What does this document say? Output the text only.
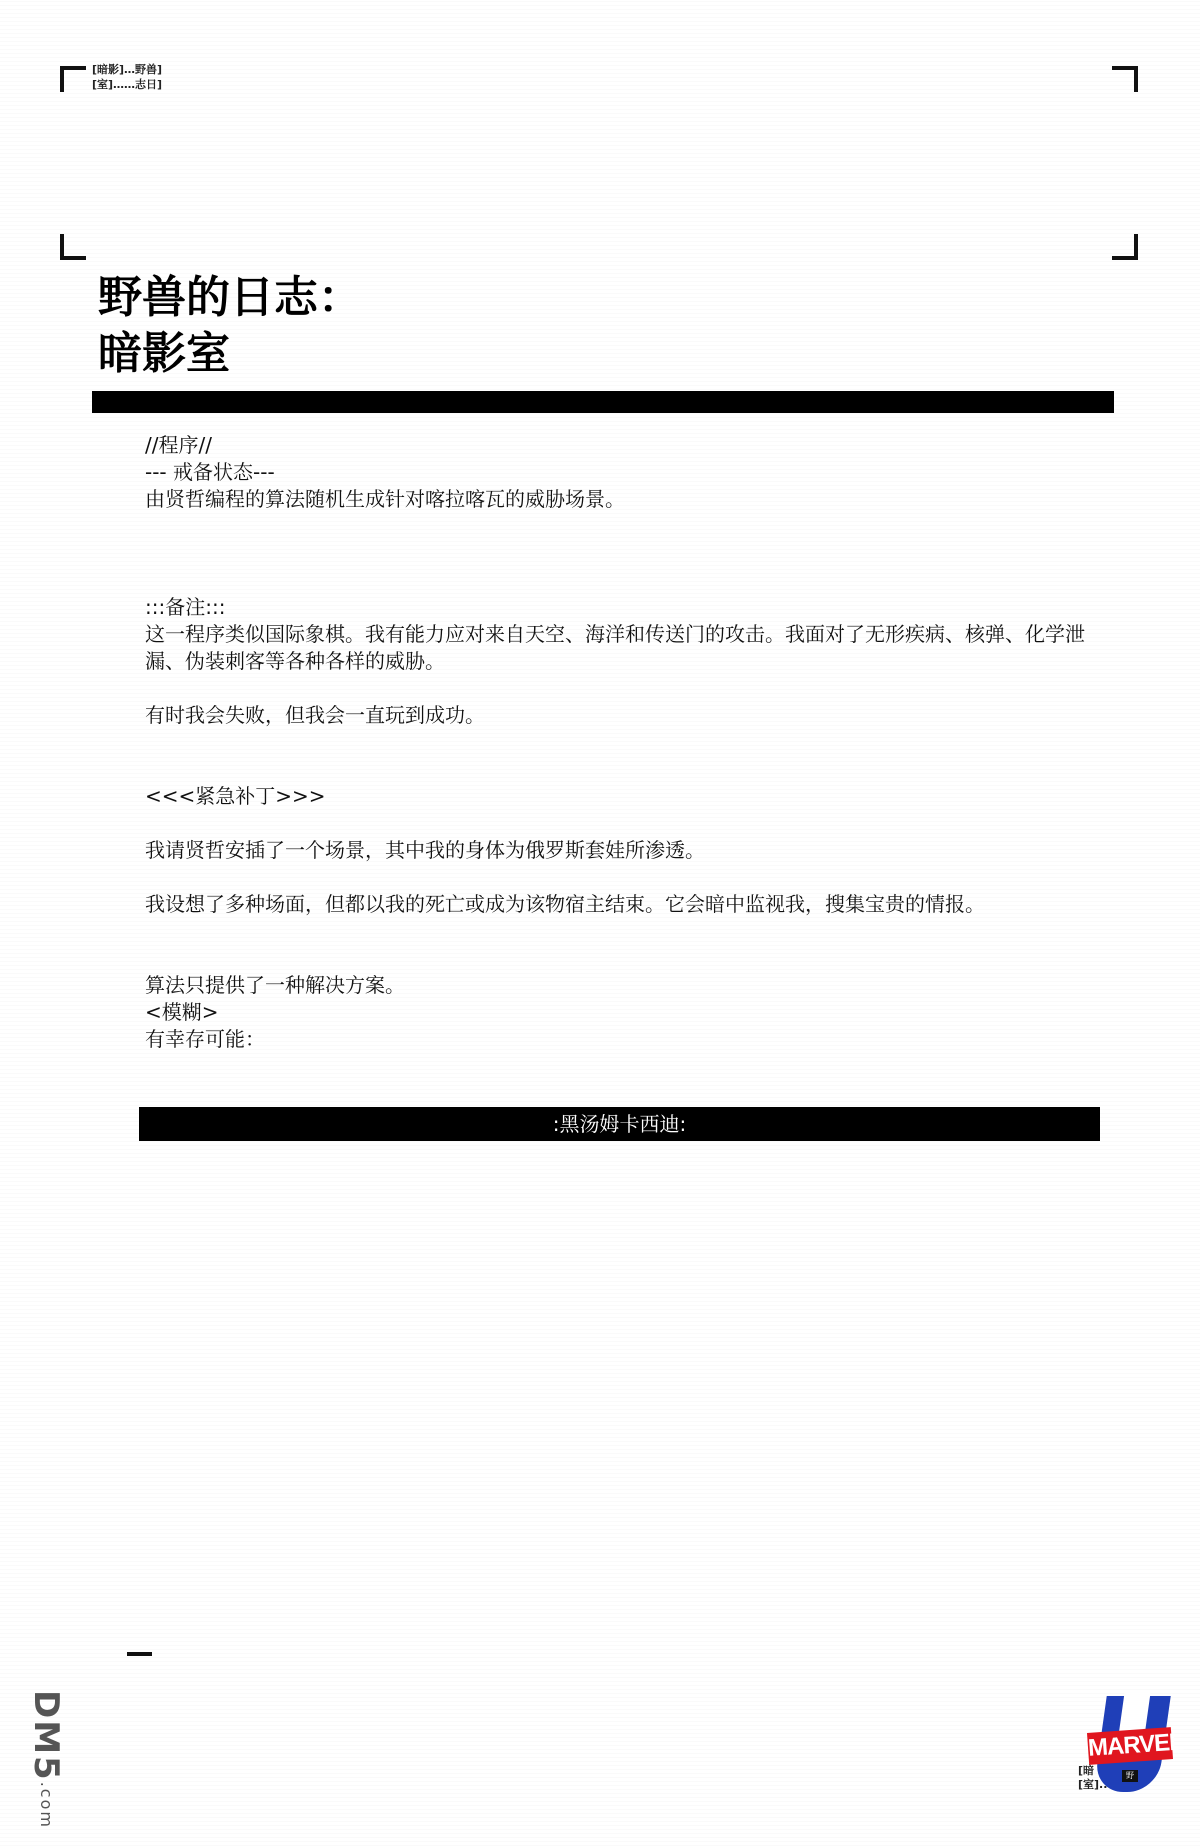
[暗影]…野兽]
[室]……志日]
野兽的日志：
暗影室

//程序//

--- 戒备状态---

由贤哲编程的算法随机生成针对喀拉喀瓦的威胁场景。

:::备注:::

这一程序类似国际象棋。我有能力应对来自天空、海洋和传送门的攻击。我面对了无形疾病、核弹、化学泄漏、伪装刺客等各种各样的威胁。

有时我会失败，但我会一直玩到成功。

<<<紧急补丁>>>

我请贤哲安插了一个场景，其中我的身体为俄罗斯套娃所渗透。

我设想了多种场面，但都以我的死亡或成为该物宿主结束。它会暗中监视我，搜集宝贵的情报。

算法只提供了一种解决方案。

<模糊>

有幸存可能：

:黑汤姆卡西迪:
DM5.com
MARVEL
[暗
[室]..
野
